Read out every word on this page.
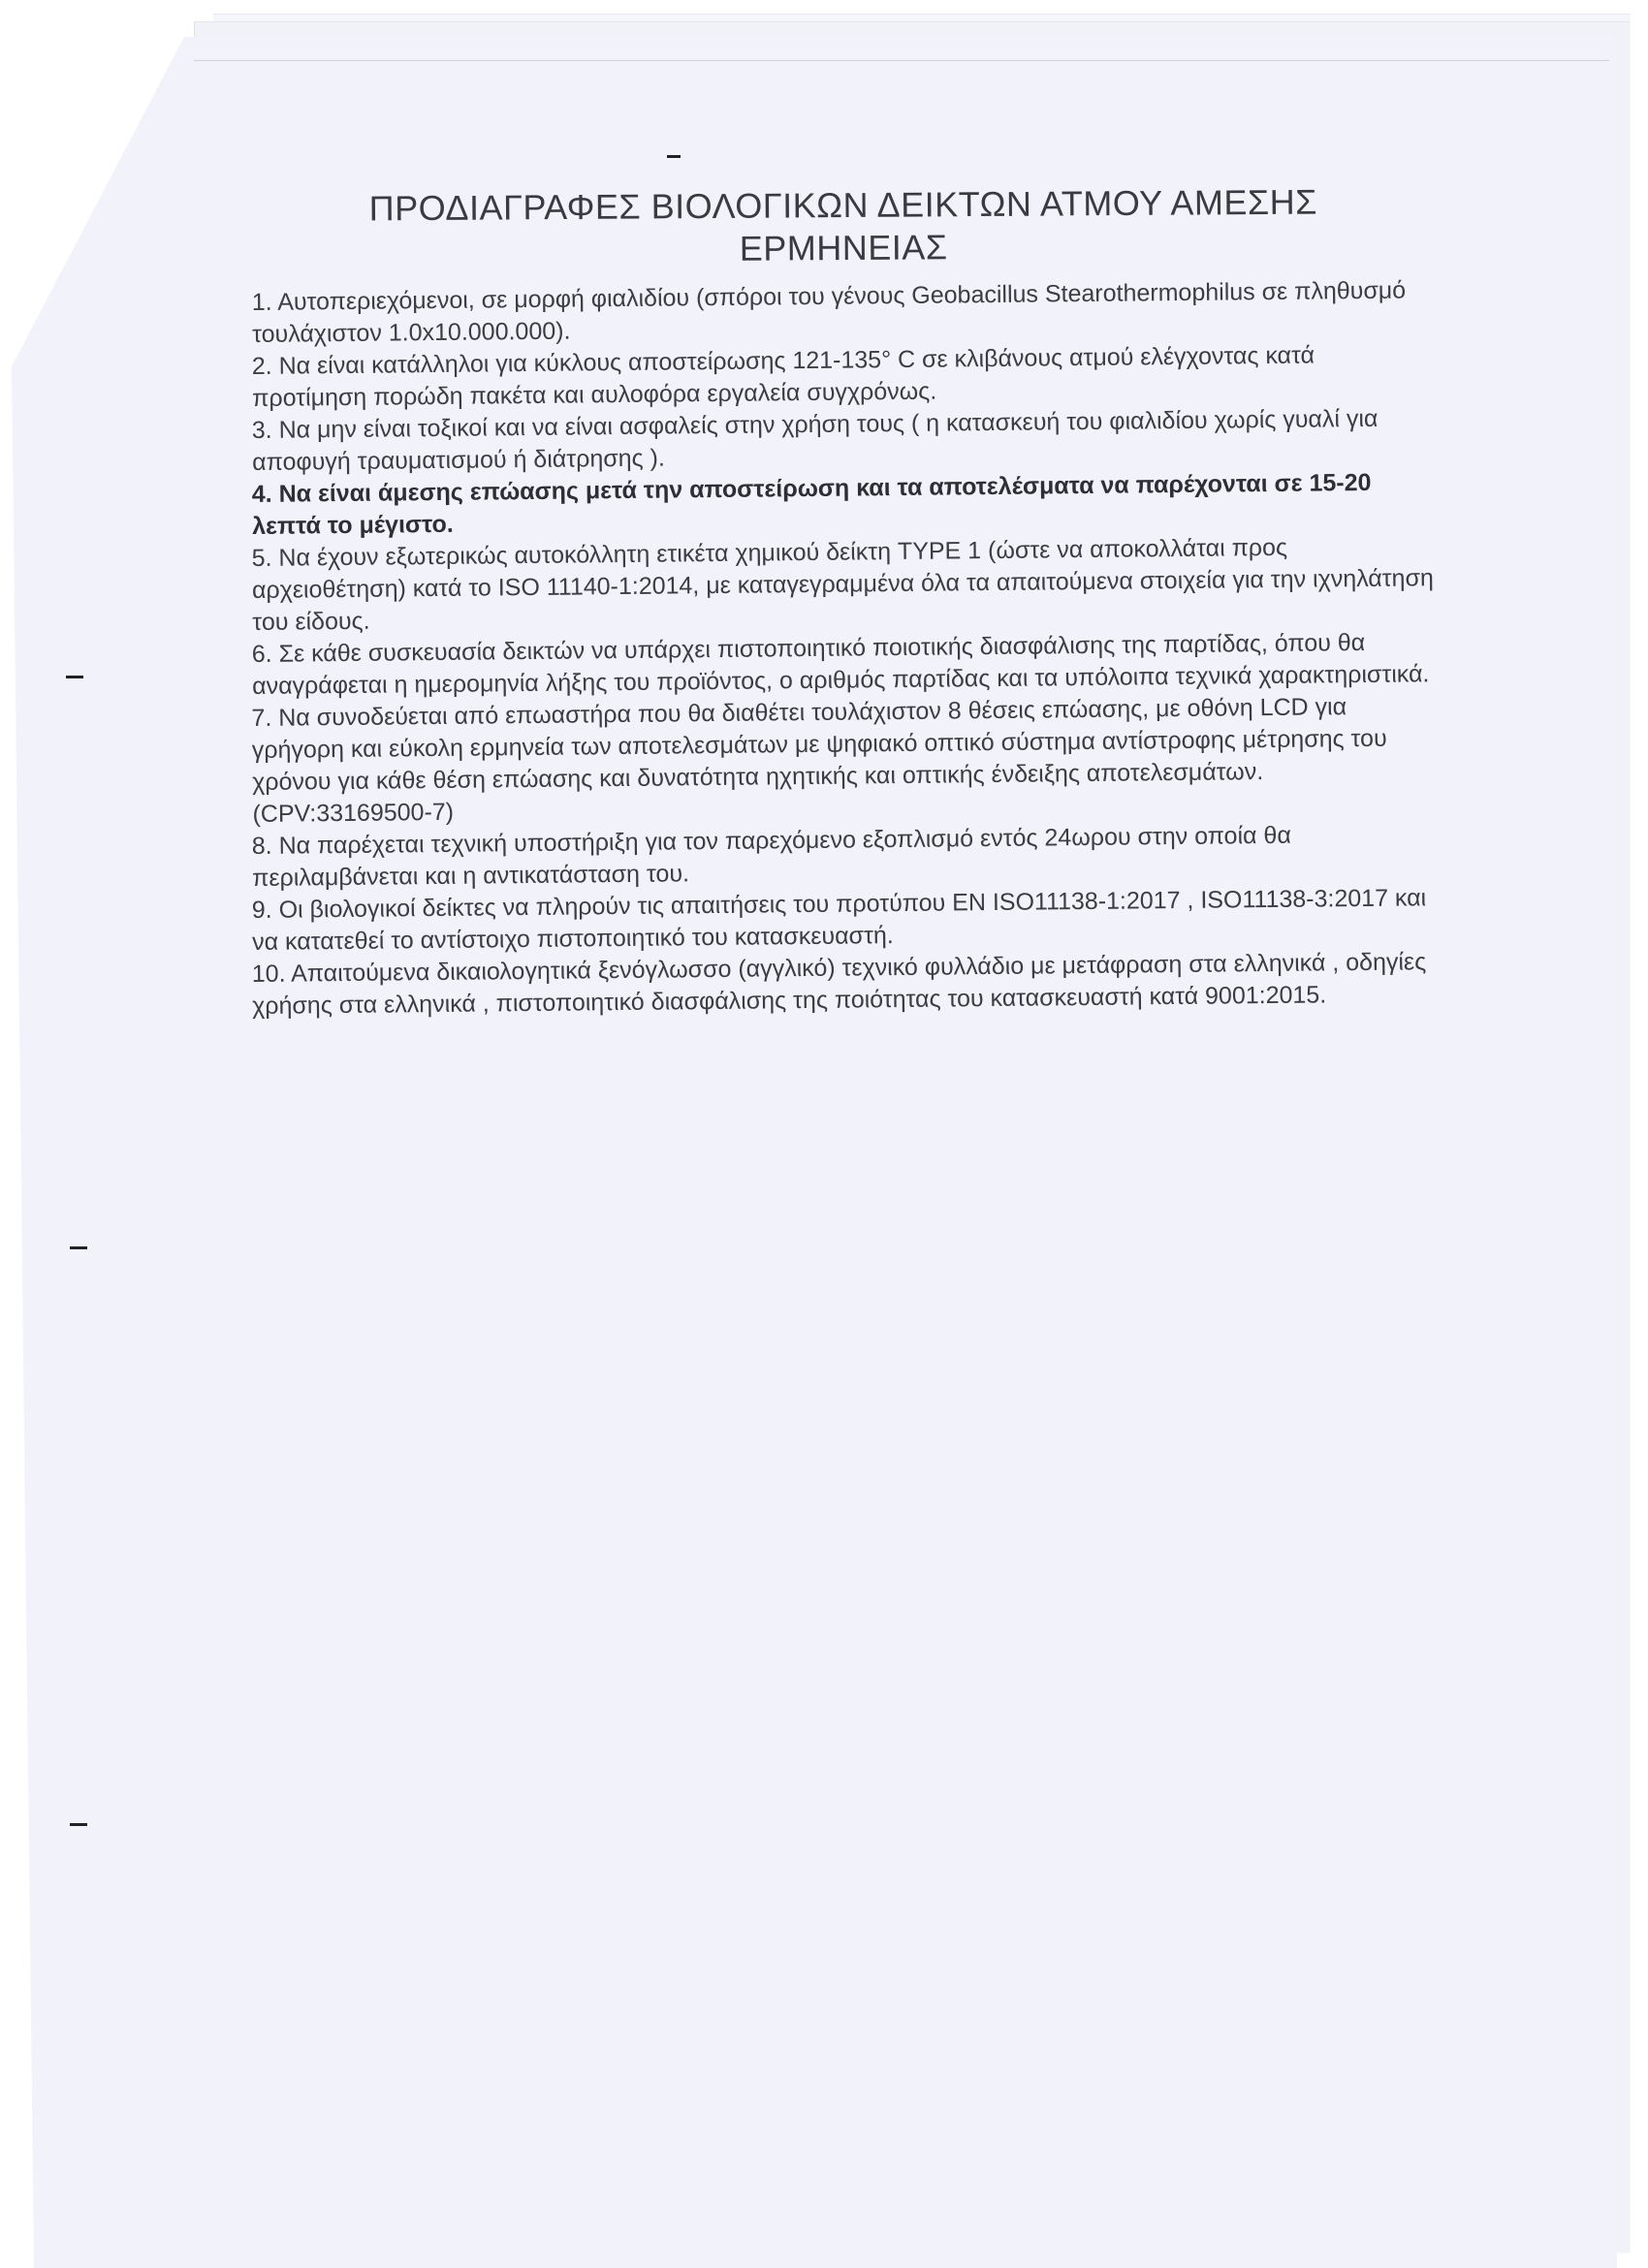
ΠΡΟΔΙΑΓΡΑΦΕΣ ΒΙΟΛΟΓΙΚΩΝ ΔΕΙΚΤΩΝ ΑΤΜΟΥ ΑΜΕΣΗΣ
ΕΡΜΗΝΕΙΑΣ

1. Αυτοπεριεχόμενοι, σε μορφή φιαλιδίου (σπόροι του γένους Geobacillus Stearothermophilus σε πληθυσμό τουλάχιστον 1.0x10.000.000).

2. Να είναι κατάλληλοι για κύκλους αποστείρωσης 121-135° C σε κλιβάνους ατμού ελέγχοντας κατά προτίμηση πορώδη πακέτα και αυλοφόρα εργαλεία συγχρόνως.

3. Να μην είναι τοξικοί και να είναι ασφαλείς στην χρήση τους ( η κατασκευή του φιαλιδίου χωρίς γυαλί για αποφυγή τραυματισμού ή διάτρησης ).

4. Να είναι άμεσης επώασης μετά την αποστείρωση και τα αποτελέσματα να παρέχονται σε 15-20 λεπτά το μέγιστο.

5. Να έχουν εξωτερικώς αυτοκόλλητη ετικέτα χημικού δείκτη TYPE 1 (ώστε να αποκολλάται προς αρχειοθέτηση) κατά το ISO 11140-1:2014, με καταγεγραμμένα όλα τα απαιτούμενα στοιχεία για την ιχνηλάτηση του είδους.

6. Σε κάθε συσκευασία δεικτών να υπάρχει πιστοποιητικό ποιοτικής διασφάλισης της παρτίδας, όπου θα αναγράφεται η ημερομηνία λήξης του προϊόντος, ο αριθμός παρτίδας και τα υπόλοιπα τεχνικά χαρακτηριστικά.

7. Να συνοδεύεται από επωαστήρα που θα διαθέτει τουλάχιστον 8 θέσεις επώασης, με οθόνη LCD για γρήγορη και εύκολη ερμηνεία των αποτελεσμάτων με ψηφιακό οπτικό σύστημα αντίστροφης μέτρησης του χρόνου για κάθε θέση επώασης και δυνατότητα ηχητικής και οπτικής ένδειξης αποτελεσμάτων.(CPV:33169500-7)

8. Να παρέχεται τεχνική υποστήριξη για τον παρεχόμενο εξοπλισμό εντός 24ωρου στην οποία θα περιλαμβάνεται και η αντικατάσταση του.

9. Οι βιολογικοί δείκτες να πληρούν τις απαιτήσεις του προτύπου EN ISO11138-1:2017 , ISO11138-3:2017 και να κατατεθεί το αντίστοιχο πιστοποιητικό του κατασκευαστή.

10. Απαιτούμενα δικαιολογητικά ξενόγλωσσο (αγγλικό) τεχνικό φυλλάδιο με μετάφραση στα ελληνικά , οδηγίες χρήσης στα ελληνικά , πιστοποιητικό διασφάλισης της ποιότητας του κατασκευαστή κατά 9001:2015.
